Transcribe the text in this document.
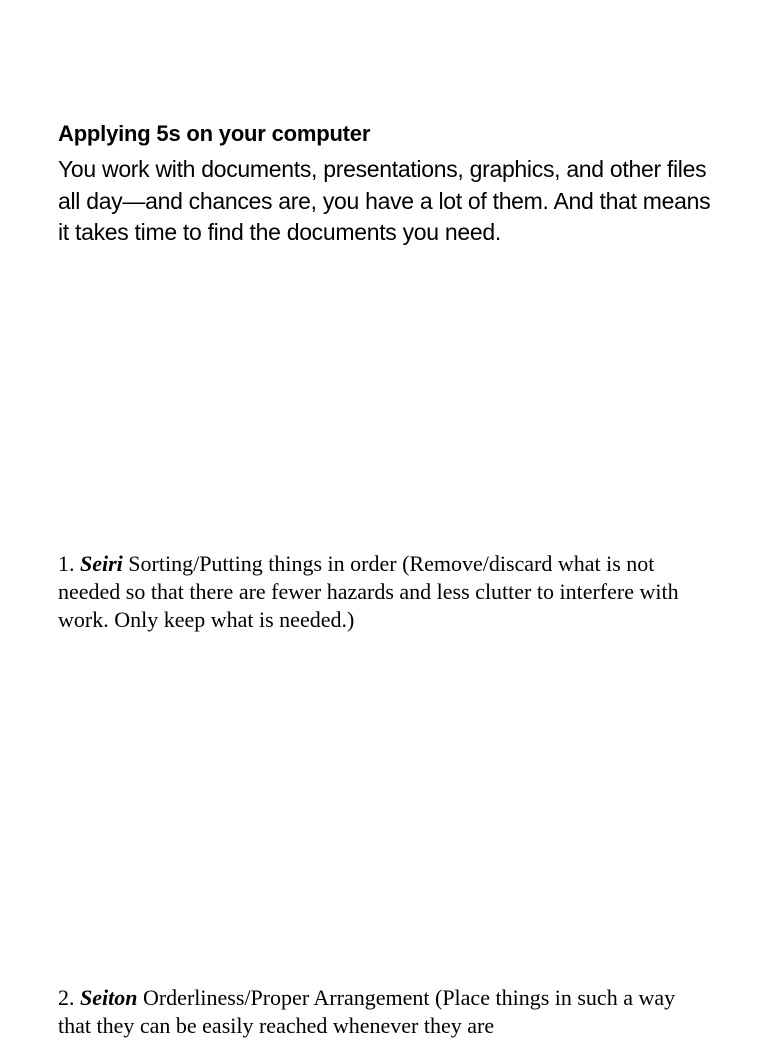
Applying 5s on your computer

You work with documents, presentations, graphics, and other files all day—and chances are, you have a lot of them. And that means it takes time to find the documents you need.

1. Seiri Sorting/Putting things in order (Remove/discard what is not needed so that there are fewer hazards and less clutter to interfere with work. Only keep what is needed.)

2. Seiton Orderliness/Proper Arrangement (Place things in such a way that they can be easily reached whenever they are
